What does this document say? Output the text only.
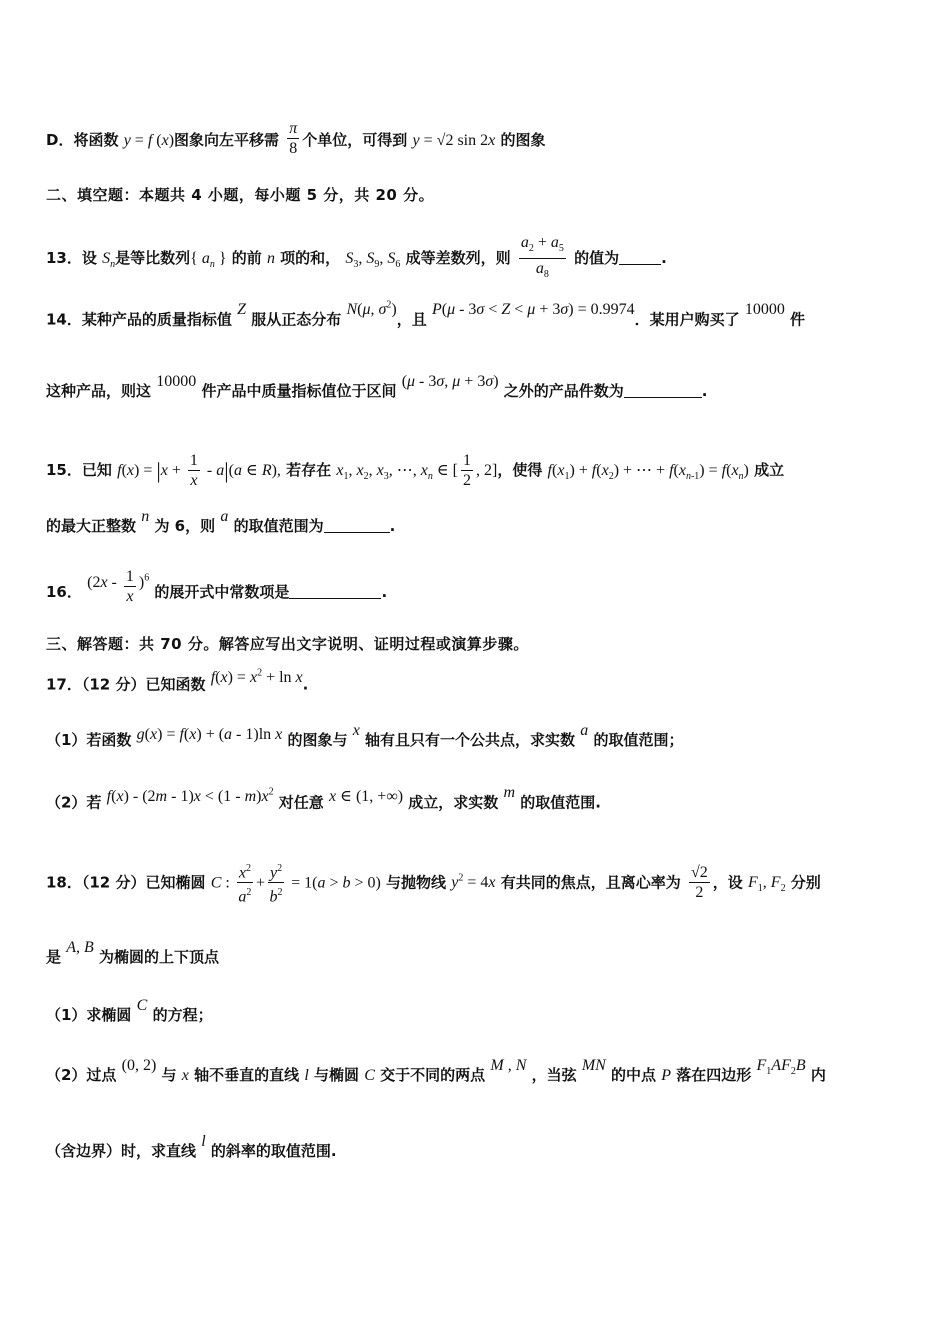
D．将函数 y = f (x)图象向左平移需 $\frac{\pi}{8}$ 个单位，可得到 y = √2 sin 2x 的图象
二、填空题：本题共 4 小题，每小题 5 分，共 20 分。
13．设 $S_n$是等比数列{ $a_n$ } 的前 n 项的和， $S_3$, $S_9$, $S_6$ 成等差数列，则 $\frac{a_2 + a_5}{a_8}$ 的值为	.
14．某种产品的质量指标值 Z 服从正态分布 N(μ, $\sigma^2$)，且 P(μ - 3σ < Z < μ + 3σ) = 0.9974．某用户购买了 10000 件
这种产品，则这 10000 件产品中质量指标值位于区间 (μ - 3σ, μ + 3σ) 之外的产品件数为	.
15．已知 $f(x) = |x + \frac{1}{x} - a|(a$ ∈ R), 若存在 $x_1$, $x_2$, $x_3$, ⋯, $x_n$ ∈ [ $\frac{1}{2}$ , 2]，使得 $f(x_1) + f(x_2)$ + ⋯ + $f(x_{n-1}) = f(x_n)$ 成立
的最大正整数 n 为 6，则 a 的取值范围为	.
16． $(2x - \frac{1}{x} )^6$ 的展开式中常数项是	.
三、解答题：共 70 分。解答应写出文字说明、证明过程或演算步骤。
17．（12 分）已知函数 $f(x) = x^2 + \ln x$.
（1）若函数 g(x) = f(x) + (a - 1)ln x 的图象与 x 轴有且只有一个公共点，求实数 a 的取值范围；
（2）若 $f(x) - (2m - 1)x < (1 - m)x^2$ 对任意 x ∈ (1, +∞) 成立，求实数 m 的取值范围.
18．（12 分）已知椭圆 C : $\frac{x^2}{a^2} + \frac{y^2}{b^2} = 1(a > b > 0)$ 与抛物线 $y^2 = 4x$ 有共同的焦点，且离心率为 $\frac{√2}{2}$ ，设 $F_1$, $F_2$ 分别
是 A, B 为椭圆的上下顶点
（1）求椭圆 C 的方程；
（2）过点 (0, 2) 与 x 轴不垂直的直线 l 与椭圆 C 交于不同的两点 M , N ，当弦 MN 的中点 P 落在四边形 $F_1AF_2B$ 内
（含边界）时，求直线 l 的斜率的取值范围.
